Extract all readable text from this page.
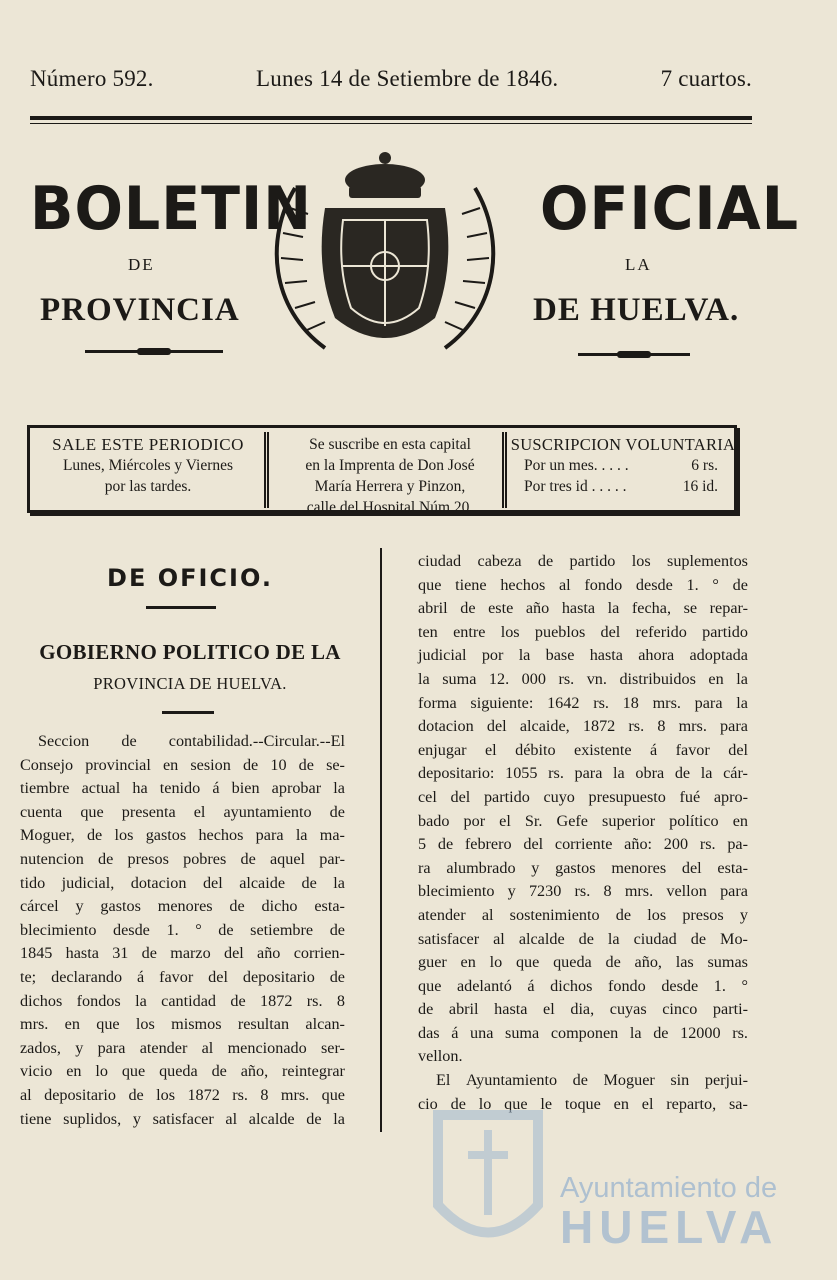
Número 592.	Lunes 14 de Setiembre de 1846.	7 cuartos.
BOLETIN	OFICIAL
DE	LA
PROVINCIA	DE HUELVA.
SALE ESTE PERIODICO
Lunes, Miércoles y Viernes
por las tardes.
Se suscribe en esta capital
en la Imprenta de Don José
María Herrera y Pinzon,
calle del Hospital Núm 20.
SUSCRIPCION VOLUNTARIA
Por un mes. . . . .	6 rs.
Por tres id . . . . .	16 id.
DE OFICIO.
GOBIERNO POLITICO DE LA
PROVINCIA DE HUELVA.
Seccion de contabilidad.--Circular.--El
Consejo provincial en sesion de 10 de se-
tiembre actual ha tenido á bien aprobar la
cuenta que presenta el ayuntamiento de
Moguer, de los gastos hechos para la ma-
nutencion de presos pobres de aquel par-
tido judicial, dotacion del alcaide de la
cárcel y gastos menores de dicho esta-
blecimiento desde 1. ° de setiembre de
1845 hasta 31 de marzo del año corrien-
te; declarando á favor del depositario de
dichos fondos la cantidad de 1872 rs. 8
mrs. en que los mismos resultan alcan-
zados, y para atender al mencionado ser-
vicio en lo que queda de año, reintegrar
al depositario de los 1872 rs. 8 mrs. que
tiene suplidos, y satisfacer al alcalde de la
ciudad cabeza de partido los suplementos
que tiene hechos al fondo desde 1. ° de
abril de este año hasta la fecha, se repar-
ten entre los pueblos del referido partido
judicial por la base hasta ahora adoptada
la suma 12. 000 rs. vn. distribuidos en la
forma siguiente: 1642 rs. 18 mrs. para la
dotacion del alcaide, 1872 rs. 8 mrs. para
enjugar el débito existente á favor del
depositario: 1055 rs. para la obra de la cár-
cel del partido cuyo presupuesto fué apro-
bado por el Sr. Gefe superior político en
5 de febrero del corriente año: 200 rs. pa-
ra alumbrado y gastos menores del esta-
blecimiento y 7230 rs. 8 mrs. vellon para
atender al sostenimiento de los presos y
satisfacer al alcalde de la ciudad de Mo-
guer en lo que queda de año, las sumas
que adelantó á dichos fondo desde 1. °
de abril hasta el dia, cuyas cinco parti-
das á una suma componen la de 12000 rs.
vellon.
El Ayuntamiento de Moguer sin perjui-
cio de lo que le toque en el reparto, sa-
Ayuntamiento de
HUELVA
